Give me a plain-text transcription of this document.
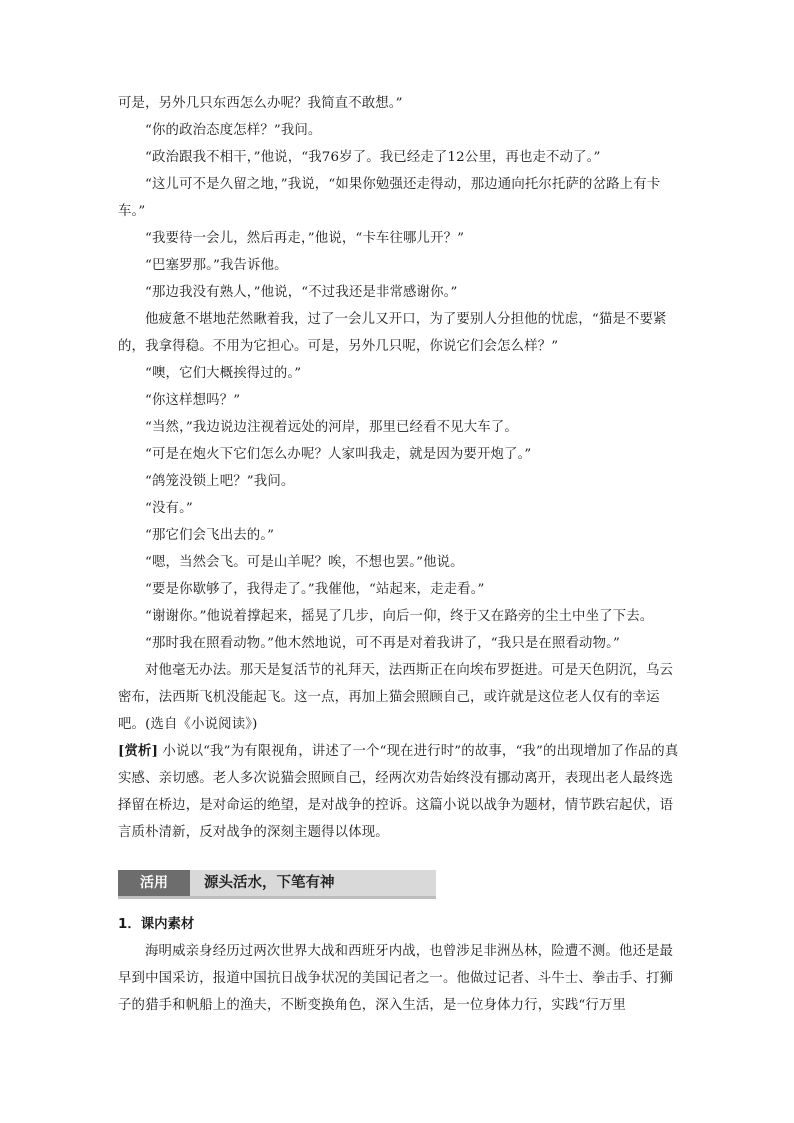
可是，另外几只东西怎么办呢？我简直不敢想。”

“你的政治态度怎样？”我问。

“政治跟我不相干，”他说，“我76岁了。我已经走了12公里，再也走不动了。”

“这儿可不是久留之地，”我说，“如果你勉强还走得动，那边通向托尔托萨的岔路上有卡车。”

“我要待一会儿，然后再走，”他说，“卡车往哪儿开？”

“巴塞罗那。”我告诉他。

“那边我没有熟人，”他说，“不过我还是非常感谢你。”

他疲惫不堪地茫然瞅着我，过了一会儿又开口，为了要别人分担他的忧虑，“猫是不要紧的，我拿得稳。不用为它担心。可是，另外几只呢，你说它们会怎么样？”

“噢，它们大概挨得过的。”

“你这样想吗？”

“当然，”我边说边注视着远处的河岸，那里已经看不见大车了。

“可是在炮火下它们怎么办呢？人家叫我走，就是因为要开炮了。”

“鸽笼没锁上吧？”我问。

“没有。”

“那它们会飞出去的。”

“嗯，当然会飞。可是山羊呢？唉，不想也罢。”他说。

“要是你歇够了，我得走了。”我催他，“站起来，走走看。”

“谢谢你。”他说着撑起来，摇晃了几步，向后一仰，终于又在路旁的尘土中坐了下去。

“那时我在照看动物。”他木然地说，可不再是对着我讲了，“我只是在照看动物。”

对他毫无办法。那天是复活节的礼拜天，法西斯正在向埃布罗挺进。可是天色阴沉，乌云密布，法西斯飞机没能起飞。这一点，再加上猫会照顾自己，或许就是这位老人仅有的幸运吧。(选自《小说阅读》)

[赏析] 小说以“我”为有限视角，讲述了一个“现在进行时”的故事，“我”的出现增加了作品的真实感、亲切感。老人多次说猫会照顾自己，经两次劝告始终没有挪动离开，表现出老人最终选择留在桥边，是对命运的绝望，是对战争的控诉。这篇小说以战争为题材，情节跌宕起伏，语言质朴清新，反对战争的深刻主题得以体现。

活用	源头活水，下笔有神
1．课内素材

海明威亲身经历过两次世界大战和西班牙内战，也曾涉足非洲丛林，险遭不测。他还是最早到中国采访，报道中国抗日战争状况的美国记者之一。他做过记者、斗牛士、拳击手、打狮子的猎手和帆船上的渔夫，不断变换角色，深入生活，是一位身体力行，实践“行万里
